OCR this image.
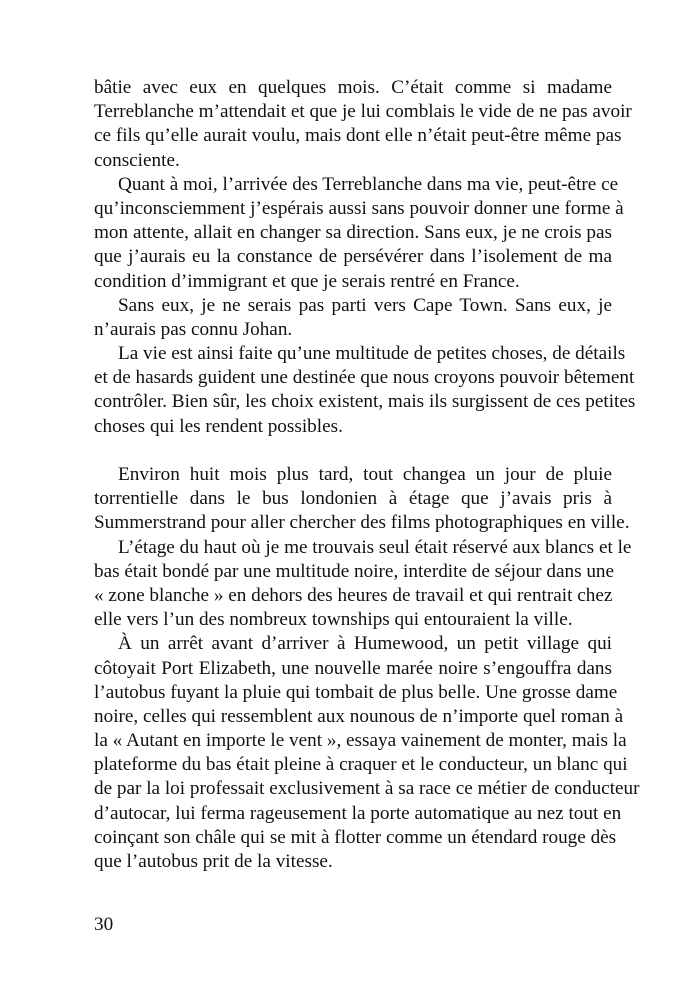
bâtie avec eux en quelques mois. C’était comme si madame
Terreblanche m’attendait et que je lui comblais le vide de ne pas avoir
ce fils qu’elle aurait voulu, mais dont elle n’était peut-être même pas
consciente.
Quant à moi, l’arrivée des Terreblanche dans ma vie, peut-être ce
qu’inconsciemment j’espérais aussi sans pouvoir donner une forme à
mon attente, allait en changer sa direction. Sans eux, je ne crois pas
que j’aurais eu la constance de persévérer dans l’isolement de ma
condition d’immigrant et que je serais rentré en France.
Sans eux, je ne serais pas parti vers Cape Town. Sans eux, je
n’aurais pas connu Johan.
La vie est ainsi faite qu’une multitude de petites choses, de détails
et de hasards guident une destinée que nous croyons pouvoir bêtement
contrôler. Bien sûr, les choix existent, mais ils surgissent de ces petites
choses qui les rendent possibles.
Environ huit mois plus tard, tout changea un jour de pluie
torrentielle dans le bus londonien à étage que j’avais pris à
Summerstrand pour aller chercher des films photographiques en ville.
L’étage du haut où je me trouvais seul était réservé aux blancs et le
bas était bondé par une multitude noire, interdite de séjour dans une
« zone blanche » en dehors des heures de travail et qui rentrait chez
elle vers l’un des nombreux townships qui entouraient la ville.
À un arrêt avant d’arriver à Humewood, un petit village qui
côtoyait Port Elizabeth, une nouvelle marée noire s’engouffra dans
l’autobus fuyant la pluie qui tombait de plus belle. Une grosse dame
noire, celles qui ressemblent aux nounous de n’importe quel roman à
la « Autant en importe le vent », essaya vainement de monter, mais la
plateforme du bas était pleine à craquer et le conducteur, un blanc qui
de par la loi professait exclusivement à sa race ce métier de conducteur
d’autocar, lui ferma rageusement la porte automatique au nez tout en
coinçant son châle qui se mit à flotter comme un étendard rouge dès
que l’autobus prit de la vitesse.
30
